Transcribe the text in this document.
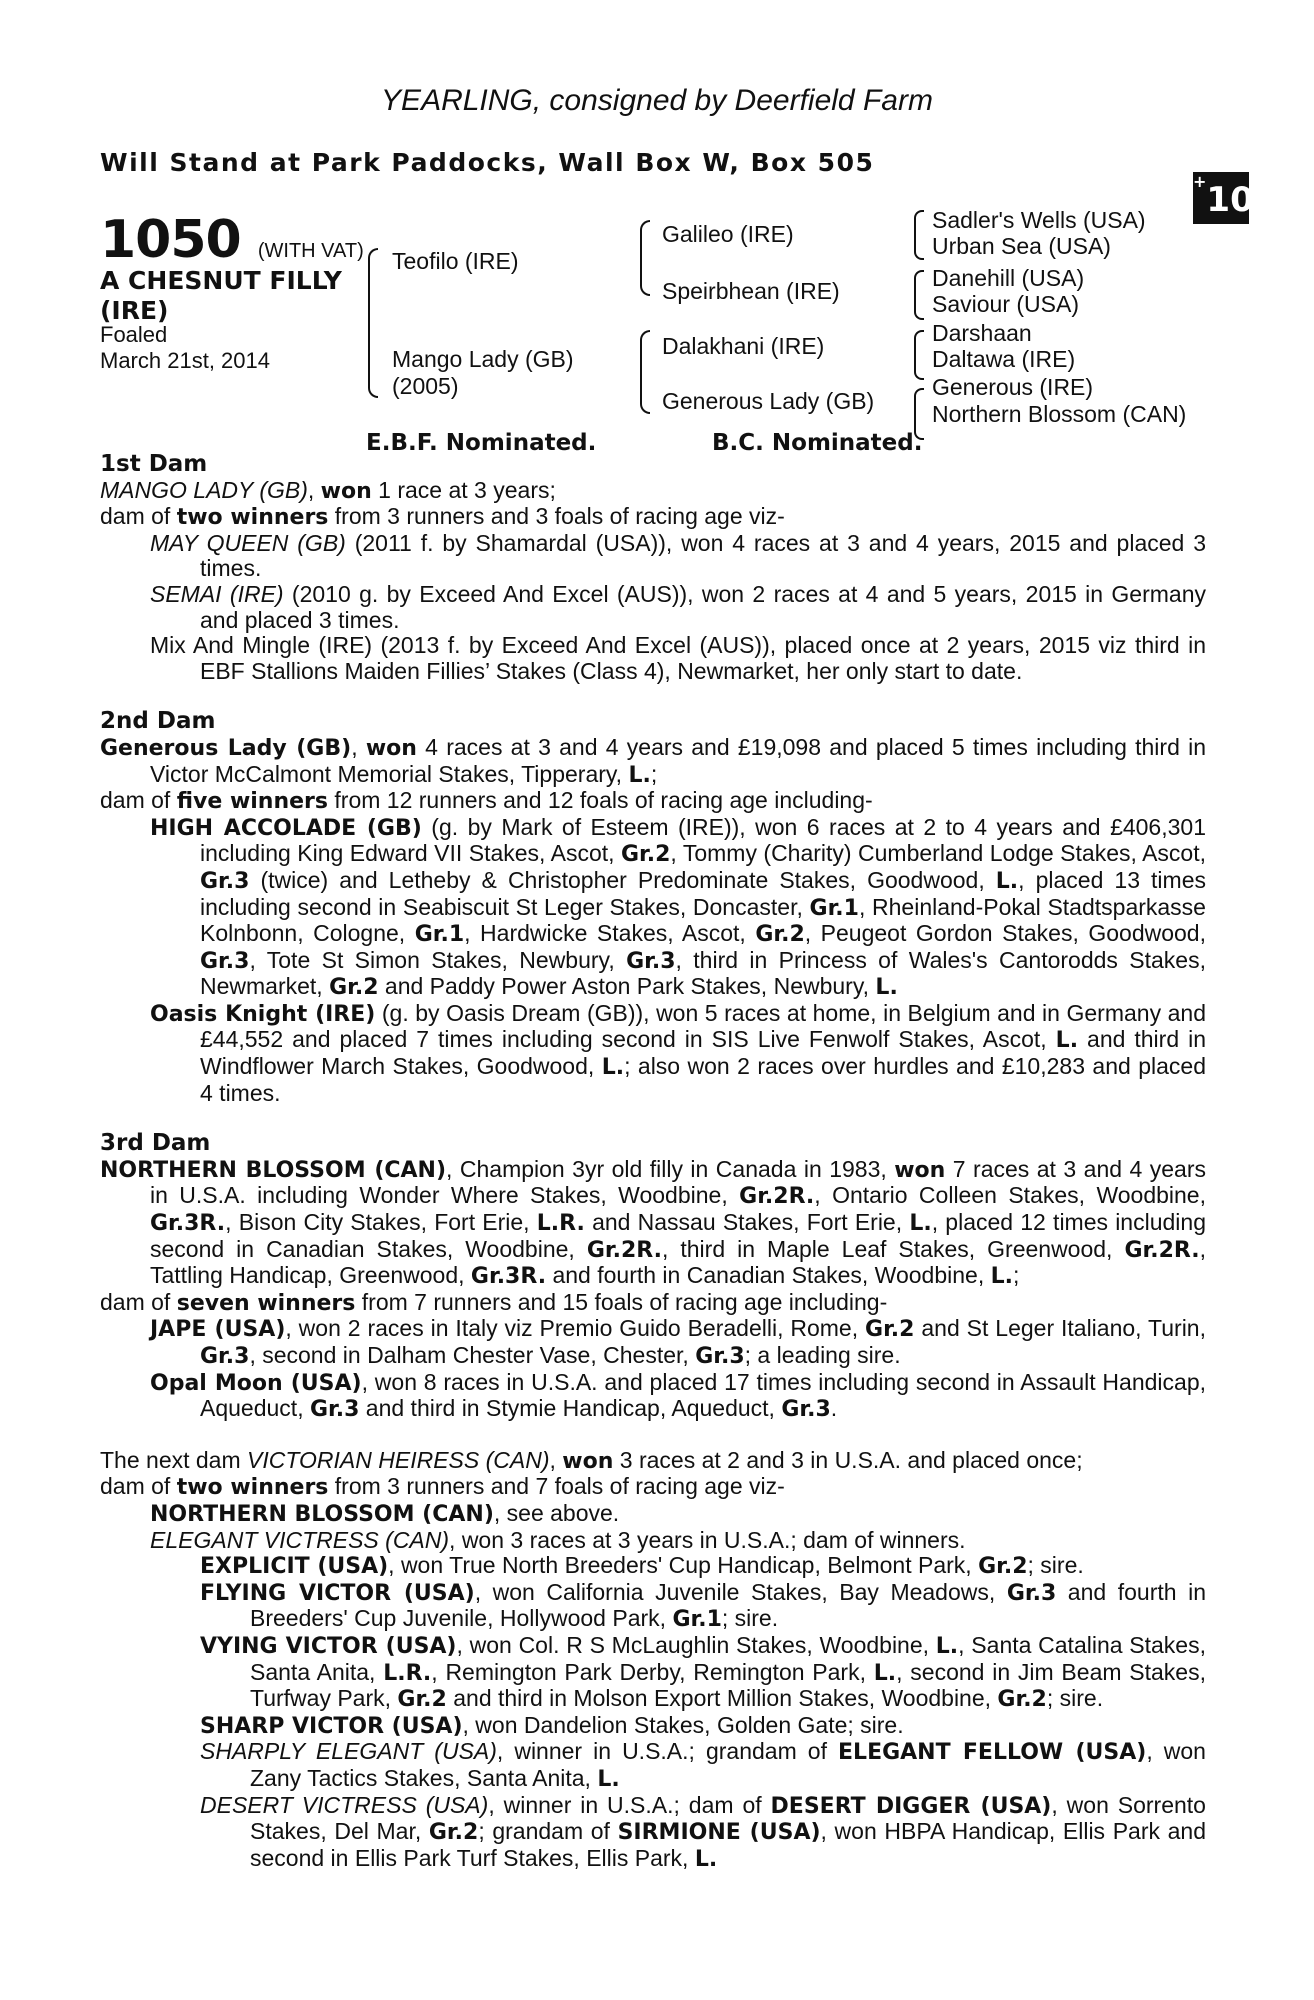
YEARLING, consigned by Deerfield Farm
Will Stand at Park Paddocks, Wall Box W, Box 505
+10
1050 (WITH VAT)
A CHESNUT FILLY
(IRE)
Foaled
March 21st, 2014
Teofilo (IRE)
Mango Lady (GB)
(2005)
Galileo (IRE)
Speirbhean (IRE)
Dalakhani (IRE)
Generous Lady (GB)
Sadler's Wells (USA)
Urban Sea (USA)
Danehill (USA)
Saviour (USA)
Darshaan
Daltawa (IRE)
Generous (IRE)
Northern Blossom (CAN)
E.B.F. Nominated.	B.C. Nominated.
1st Dam

MANGO LADY (GB), won 1 race at 3 years;

dam of two winners from 3 runners and 3 foals of racing age viz-

MAY QUEEN (GB) (2011 f. by Shamardal (USA)), won 4 races at 3 and 4 years, 2015 and placed 3 times.

SEMAI (IRE) (2010 g. by Exceed And Excel (AUS)), won 2 races at 4 and 5 years, 2015 in Germany and placed 3 times.

Mix And Mingle (IRE) (2013 f. by Exceed And Excel (AUS)), placed once at 2 years, 2015 viz third in EBF Stallions Maiden Fillies’ Stakes (Class 4), Newmarket, her only start to date.

2nd Dam

Generous Lady (GB), won 4 races at 3 and 4 years and £19,098 and placed 5 times including third in Victor McCalmont Memorial Stakes, Tipperary, L.;

dam of five winners from 12 runners and 12 foals of racing age including-

HIGH ACCOLADE (GB) (g. by Mark of Esteem (IRE)), won 6 races at 2 to 4 years and £406,301 including King Edward VII Stakes, Ascot, Gr.2, Tommy (Charity) Cumberland Lodge Stakes, Ascot, Gr.3 (twice) and Letheby & Christopher Predominate Stakes, Goodwood, L., placed 13 times including second in Seabiscuit St Leger Stakes, Doncaster, Gr.1, Rheinland-Pokal Stadtsparkasse Kolnbonn, Cologne, Gr.1, Hardwicke Stakes, Ascot, Gr.2, Peugeot Gordon Stakes, Goodwood, Gr.3, Tote St Simon Stakes, Newbury, Gr.3, third in Princess of Wales's Cantorodds Stakes, Newmarket, Gr.2 and Paddy Power Aston Park Stakes, Newbury, L.

Oasis Knight (IRE) (g. by Oasis Dream (GB)), won 5 races at home, in Belgium and in Germany and £44,552 and placed 7 times including second in SIS Live Fenwolf Stakes, Ascot, L. and third in Windflower March Stakes, Goodwood, L.; also won 2 races over hurdles and £10,283 and placed 4 times.

3rd Dam

NORTHERN BLOSSOM (CAN), Champion 3yr old filly in Canada in 1983, won 7 races at 3 and 4 years in U.S.A. including Wonder Where Stakes, Woodbine, Gr.2R., Ontario Colleen Stakes, Woodbine, Gr.3R., Bison City Stakes, Fort Erie, L.R. and Nassau Stakes, Fort Erie, L., placed 12 times including second in Canadian Stakes, Woodbine, Gr.2R., third in Maple Leaf Stakes, Greenwood, Gr.2R., Tattling Handicap, Greenwood, Gr.3R. and fourth in Canadian Stakes, Woodbine, L.;

dam of seven winners from 7 runners and 15 foals of racing age including-

JAPE (USA), won 2 races in Italy viz Premio Guido Beradelli, Rome, Gr.2 and St Leger Italiano, Turin, Gr.3, second in Dalham Chester Vase, Chester, Gr.3; a leading sire.

Opal Moon (USA), won 8 races in U.S.A. and placed 17 times including second in Assault Handicap, Aqueduct, Gr.3 and third in Stymie Handicap, Aqueduct, Gr.3.

The next dam VICTORIAN HEIRESS (CAN), won 3 races at 2 and 3 in U.S.A. and placed once;

dam of two winners from 3 runners and 7 foals of racing age viz-

NORTHERN BLOSSOM (CAN), see above.

ELEGANT VICTRESS (CAN), won 3 races at 3 years in U.S.A.; dam of winners.

EXPLICIT (USA), won True North Breeders' Cup Handicap, Belmont Park, Gr.2; sire.

FLYING VICTOR (USA), won California Juvenile Stakes, Bay Meadows, Gr.3 and fourth in Breeders' Cup Juvenile, Hollywood Park, Gr.1; sire.

VYING VICTOR (USA), won Col. R S McLaughlin Stakes, Woodbine, L., Santa Catalina Stakes, Santa Anita, L.R., Remington Park Derby, Remington Park, L., second in Jim Beam Stakes, Turfway Park, Gr.2 and third in Molson Export Million Stakes, Woodbine, Gr.2; sire.

SHARP VICTOR (USA), won Dandelion Stakes, Golden Gate; sire.

SHARPLY ELEGANT (USA), winner in U.S.A.; grandam of ELEGANT FELLOW (USA), won Zany Tactics Stakes, Santa Anita, L.

DESERT VICTRESS (USA), winner in U.S.A.; dam of DESERT DIGGER (USA), won Sorrento Stakes, Del Mar, Gr.2; grandam of SIRMIONE (USA), won HBPA Handicap, Ellis Park and second in Ellis Park Turf Stakes, Ellis Park, L.
